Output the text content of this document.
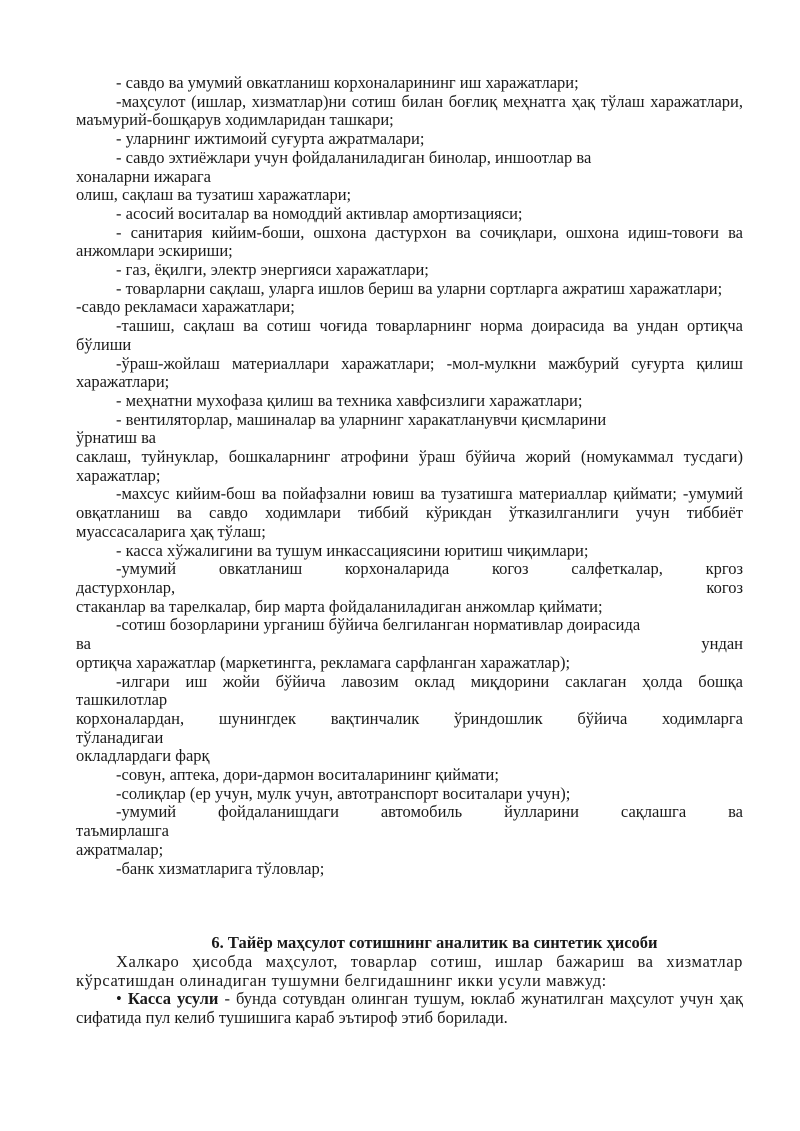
- савдо ва умумий овкатланиш корхоналарининг иш харажатлари;

-маҳсулот (ишлар, хизматлар)ни сотиш билан боғлиқ меҳнатга ҳақ тўлаш харажатлари, маъмурий-бошқарув ходимларидан ташкари;

- уларнинг ижтимоий суғурта ажратмалари;

- савдо эхтиёжлари учун фойдаланиладиган бинолар, иншоотлар ва

хоналарни ижарага

олиш, сақлаш ва тузатиш харажатлари;

- асосий воситалар ва номоддий активлар амортизацияси;

- санитария кийим-боши, ошхона дастурхон ва сочиқлари, ошхона идиш-товоғи ва анжомлари эскириши;

- газ, ёқилги, электр энергияси харажатлари;

- товарларни сақлаш, уларга ишлов бериш ва уларни сортларга ажратиш харажатлари;

-савдо рекламаси харажатлари;

-ташиш, сақлаш ва сотиш чоғида товарларнинг норма доирасида ва ундан ортиқча бўлиши

-ўраш-жойлаш материаллари харажатлари; -мол-мулкни мажбурий суғурта қилиш харажатлари;

- меҳнатни мухофаза қилиш ва техника хавфсизлиги харажатлари;

- вентиляторлар, машиналар ва уларнинг харакатланувчи қисмларини

ўрнатиш ва

саклаш, туйнуклар, бошкаларнинг атрофини ўраш бўйича жорий (номукаммал тусдаги) харажатлар;

-махсус кийим-бош ва пойафзални ювиш ва тузатишга материаллар қиймати; -умумий овқатланиш ва савдо ходимлари тиббий кўрикдан ўтказилганлиги учун тиббиёт муассасаларига ҳақ тўлаш;

- касса хўжалигини ва тушум инкассациясини юритиш чиқимлари;

-умумий овкатланиш корхоналарида когоз салфеткалар, кргоз

дастурхонлар, когоз

стаканлар ва тарелкалар, бир марта фойдаланиладиган анжомлар қиймати;

-сотиш бозорларини урганиш бўйича белгиланган нормативлар доирасида

ва ундан

ортиқча харажатлар (маркетингга, рекламага сарфланган харажатлар);

-илгари иш жойи бўйича лавозим оклад миқдорини саклаган ҳолда бошқа

ташкилотлар

корхоналардан, шунингдек вақтинчалик ўриндошлик бўйича ходимларга

тўланадигаи

окладлардаги фарқ

-совун, аптека, дори-дармон воситаларининг қиймати;

-солиқлар (ер учун, мулк учун, автотранспорт воситалари учун);

-умумий фойдаланишдаги автомобиль йулларини сақлашга ва

таъмирлашга

ажратмалар;

-банк хизматларига тўловлар;

6. Тайёр маҳсулот сотишнинг аналитик ва синтетик ҳисоби

Халкаро ҳисобда маҳсулот, товарлар сотиш, ишлар бажариш ва хизматлар кўрсатишдан олинадиган тушумни белгидашнинг икки усули мавжуд:

• Касса усули - бунда сотувдан олинган тушум, юклаб жунатилган маҳсулот учун ҳақ сифатида пул келиб тушишига караб эътироф этиб борилади.
